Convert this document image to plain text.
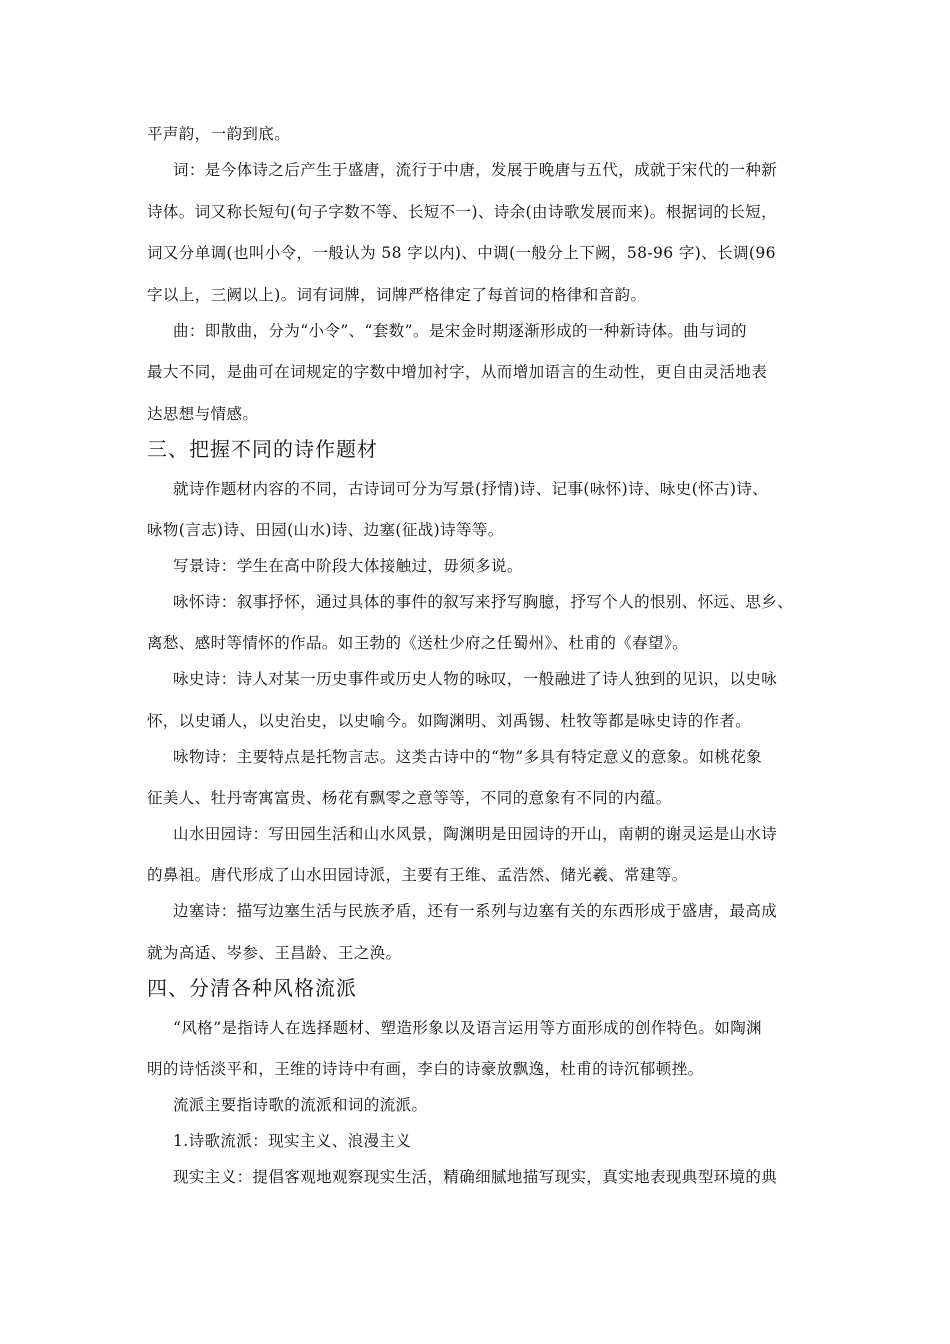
平声韵，一韵到底。
词：是今体诗之后产生于盛唐，流行于中唐，发展于晚唐与五代，成就于宋代的一种新
诗体。词又称长短句(句子字数不等、长短不一)、诗余(由诗歌发展而来)。根据词的长短，
词又分单调(也叫小令，一般认为 58 字以内)、中调(一般分上下阙，58-96 字)、长调(96
字以上，三阙以上)。词有词牌，词牌严格律定了每首词的格律和音韵。
曲：即散曲，分为“小令”、“套数”。是宋金时期逐渐形成的一种新诗体。曲与词的
最大不同，是曲可在词规定的字数中增加衬字，从而增加语言的生动性，更自由灵活地表
达思想与情感。
三、把握不同的诗作题材
就诗作题材内容的不同，古诗词可分为写景(抒情)诗、记事(咏怀)诗、咏史(怀古)诗、
咏物(言志)诗、田园(山水)诗、边塞(征战)诗等等。
写景诗：学生在高中阶段大体接触过，毋须多说。
咏怀诗：叙事抒怀，通过具体的事件的叙写来抒写胸臆，抒写个人的恨别、怀远、思乡、
离愁、感时等情怀的作品。如王勃的《送杜少府之任蜀州》、杜甫的《春望》。
咏史诗：诗人对某一历史事件或历史人物的咏叹，一般融进了诗人独到的见识，以史咏
怀，以史诵人，以史治史，以史喻今。如陶渊明、刘禹锡、杜牧等都是咏史诗的作者。
咏物诗：主要特点是托物言志。这类古诗中的“物”多具有特定意义的意象。如桃花象
征美人、牡丹寄寓富贵、杨花有飘零之意等等，不同的意象有不同的内蕴。
山水田园诗：写田园生活和山水风景，陶渊明是田园诗的开山，南朝的谢灵运是山水诗
的鼻祖。唐代形成了山水田园诗派，主要有王维、孟浩然、储光羲、常建等。
边塞诗：描写边塞生活与民族矛盾，还有一系列与边塞有关的东西形成于盛唐，最高成
就为高适、岑参、王昌龄、王之涣。
四、分清各种风格流派
“风格”是指诗人在选择题材、塑造形象以及语言运用等方面形成的创作特色。如陶渊
明的诗恬淡平和，王维的诗诗中有画，李白的诗豪放飘逸，杜甫的诗沉郁顿挫。
流派主要指诗歌的流派和词的流派。
1.诗歌流派：现实主义、浪漫主义
现实主义：提倡客观地观察现实生活，精确细腻地描写现实，真实地表现典型环境的典
